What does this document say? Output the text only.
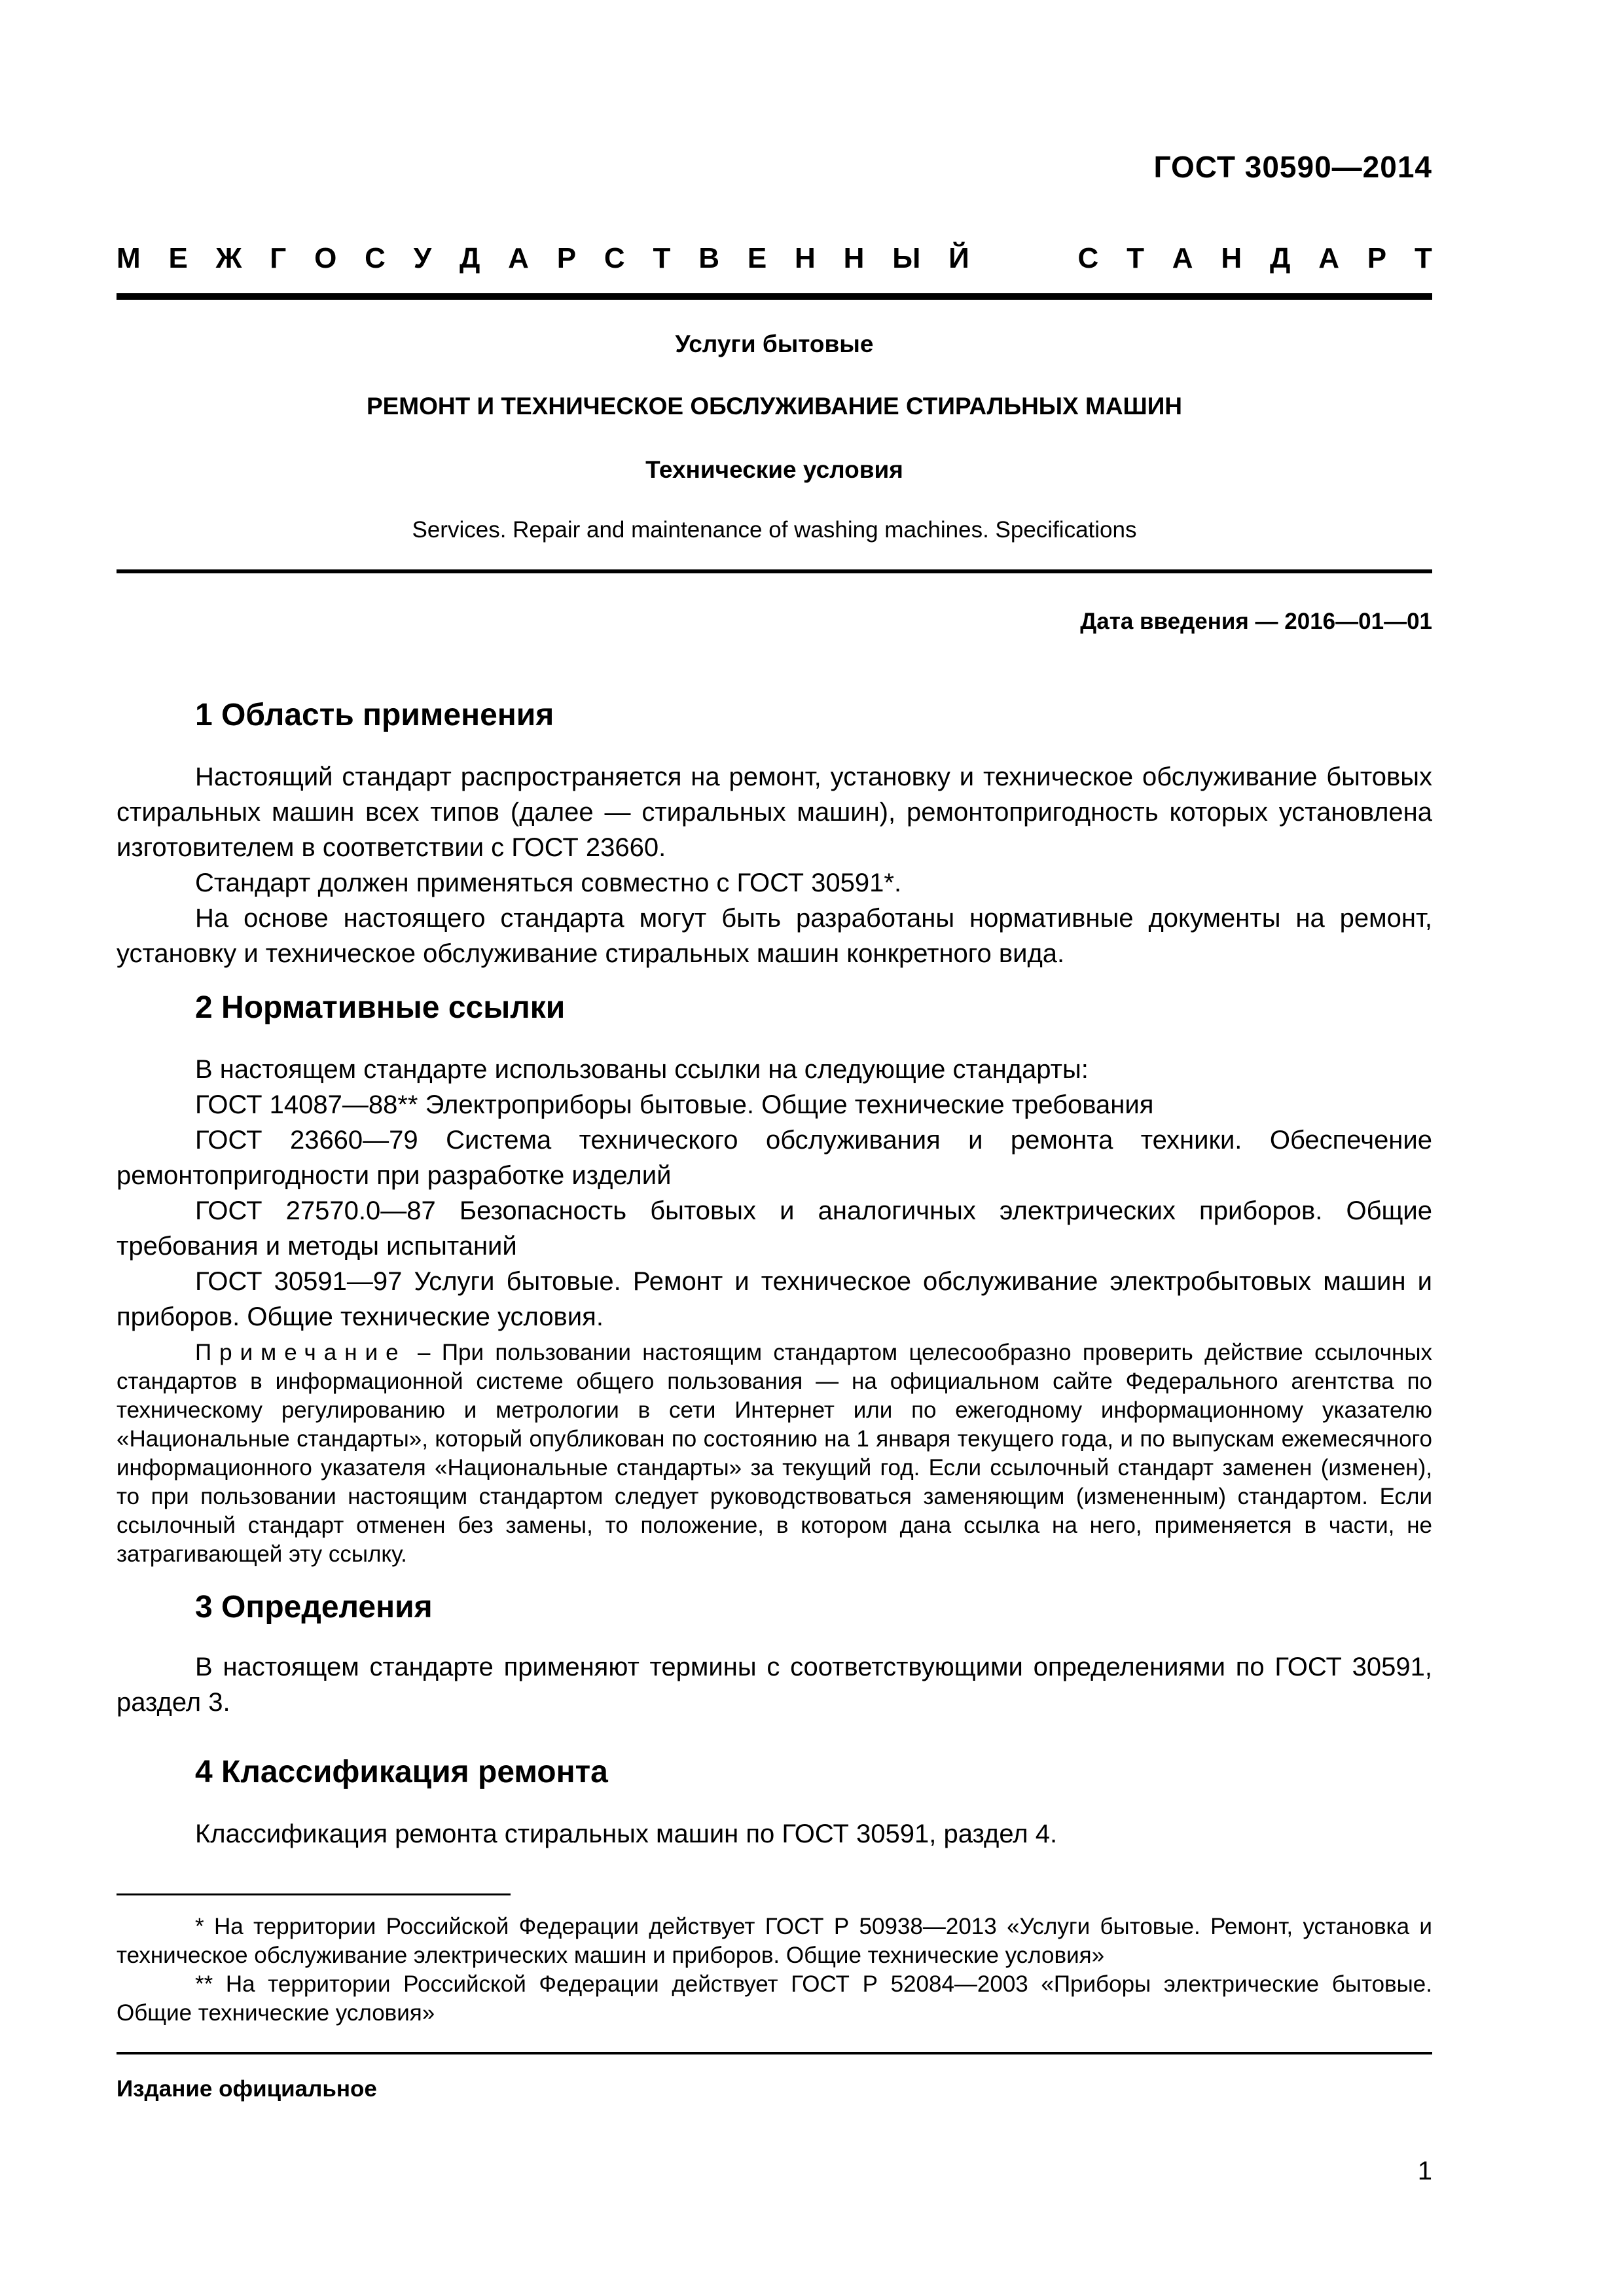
ГОСТ 30590—2014
М Е Ж Г О С У Д А Р С Т В Е Н Н Ы Й	С Т А Н Д А Р Т
Услуги бытовые
РЕМОНТ И ТЕХНИЧЕСКОЕ ОБСЛУЖИВАНИЕ СТИРАЛЬНЫХ МАШИН
Технические условия
Services. Repair and maintenance of washing machines. Specifications
Дата введения — 2016—01—01
1 Область применения

Настоящий стандарт распространяется на ремонт, установку и техническое обслуживание бытовых стиральных машин всех типов (далее — стиральных машин), ремонтопригодность которых установлена изготовителем в соответствии с ГОСТ 23660.

Стандарт должен применяться совместно с ГОСТ 30591*.

На основе настоящего стандарта могут быть разработаны нормативные документы на ремонт, установку и техническое обслуживание стиральных машин конкретного вида.

2 Нормативные ссылки

В настоящем стандарте использованы ссылки на следующие стандарты:

ГОСТ 14087—88** Электроприборы бытовые. Общие технические требования

ГОСТ 23660—79 Система технического обслуживания и ремонта техники. Обеспечение ремонтопригодности при разработке изделий

ГОСТ 27570.0—87 Безопасность бытовых и аналогичных электрических приборов. Общие требования и методы испытаний

ГОСТ 30591—97 Услуги бытовые. Ремонт и техническое обслуживание электробытовых машин и приборов. Общие технические условия.

Примечание – При пользовании настоящим стандартом целесообразно проверить действие ссылочных стандартов в информационной системе общего пользования — на официальном сайте Федерального агентства по техническому регулированию и метрологии в сети Интернет или по ежегодному информационному указателю «Национальные стандарты», который опубликован по состоянию на 1 января текущего года, и по выпускам ежемесячного информационного указателя «Национальные стандарты» за текущий год. Если ссылочный стандарт заменен (изменен), то при пользовании настоящим стандартом следует руководствоваться заменяющим (измененным) стандартом. Если ссылочный стандарт отменен без замены, то положение, в котором дана ссылка на него, применяется в части, не затрагивающей эту ссылку.

3 Определения

В настоящем стандарте применяют термины с соответствующими определениями по ГОСТ 30591, раздел 3.

4 Классификация ремонта

Классификация ремонта стиральных машин по ГОСТ 30591, раздел 4.

* На территории Российской Федерации действует ГОСТ Р 50938—2013 «Услуги бытовые. Ремонт, установка и техническое обслуживание электрических машин и приборов. Общие технические условия»

** На территории Российской Федерации действует ГОСТ Р 52084—2003 «Приборы электрические бытовые. Общие технические условия»

Издание официальное
1
